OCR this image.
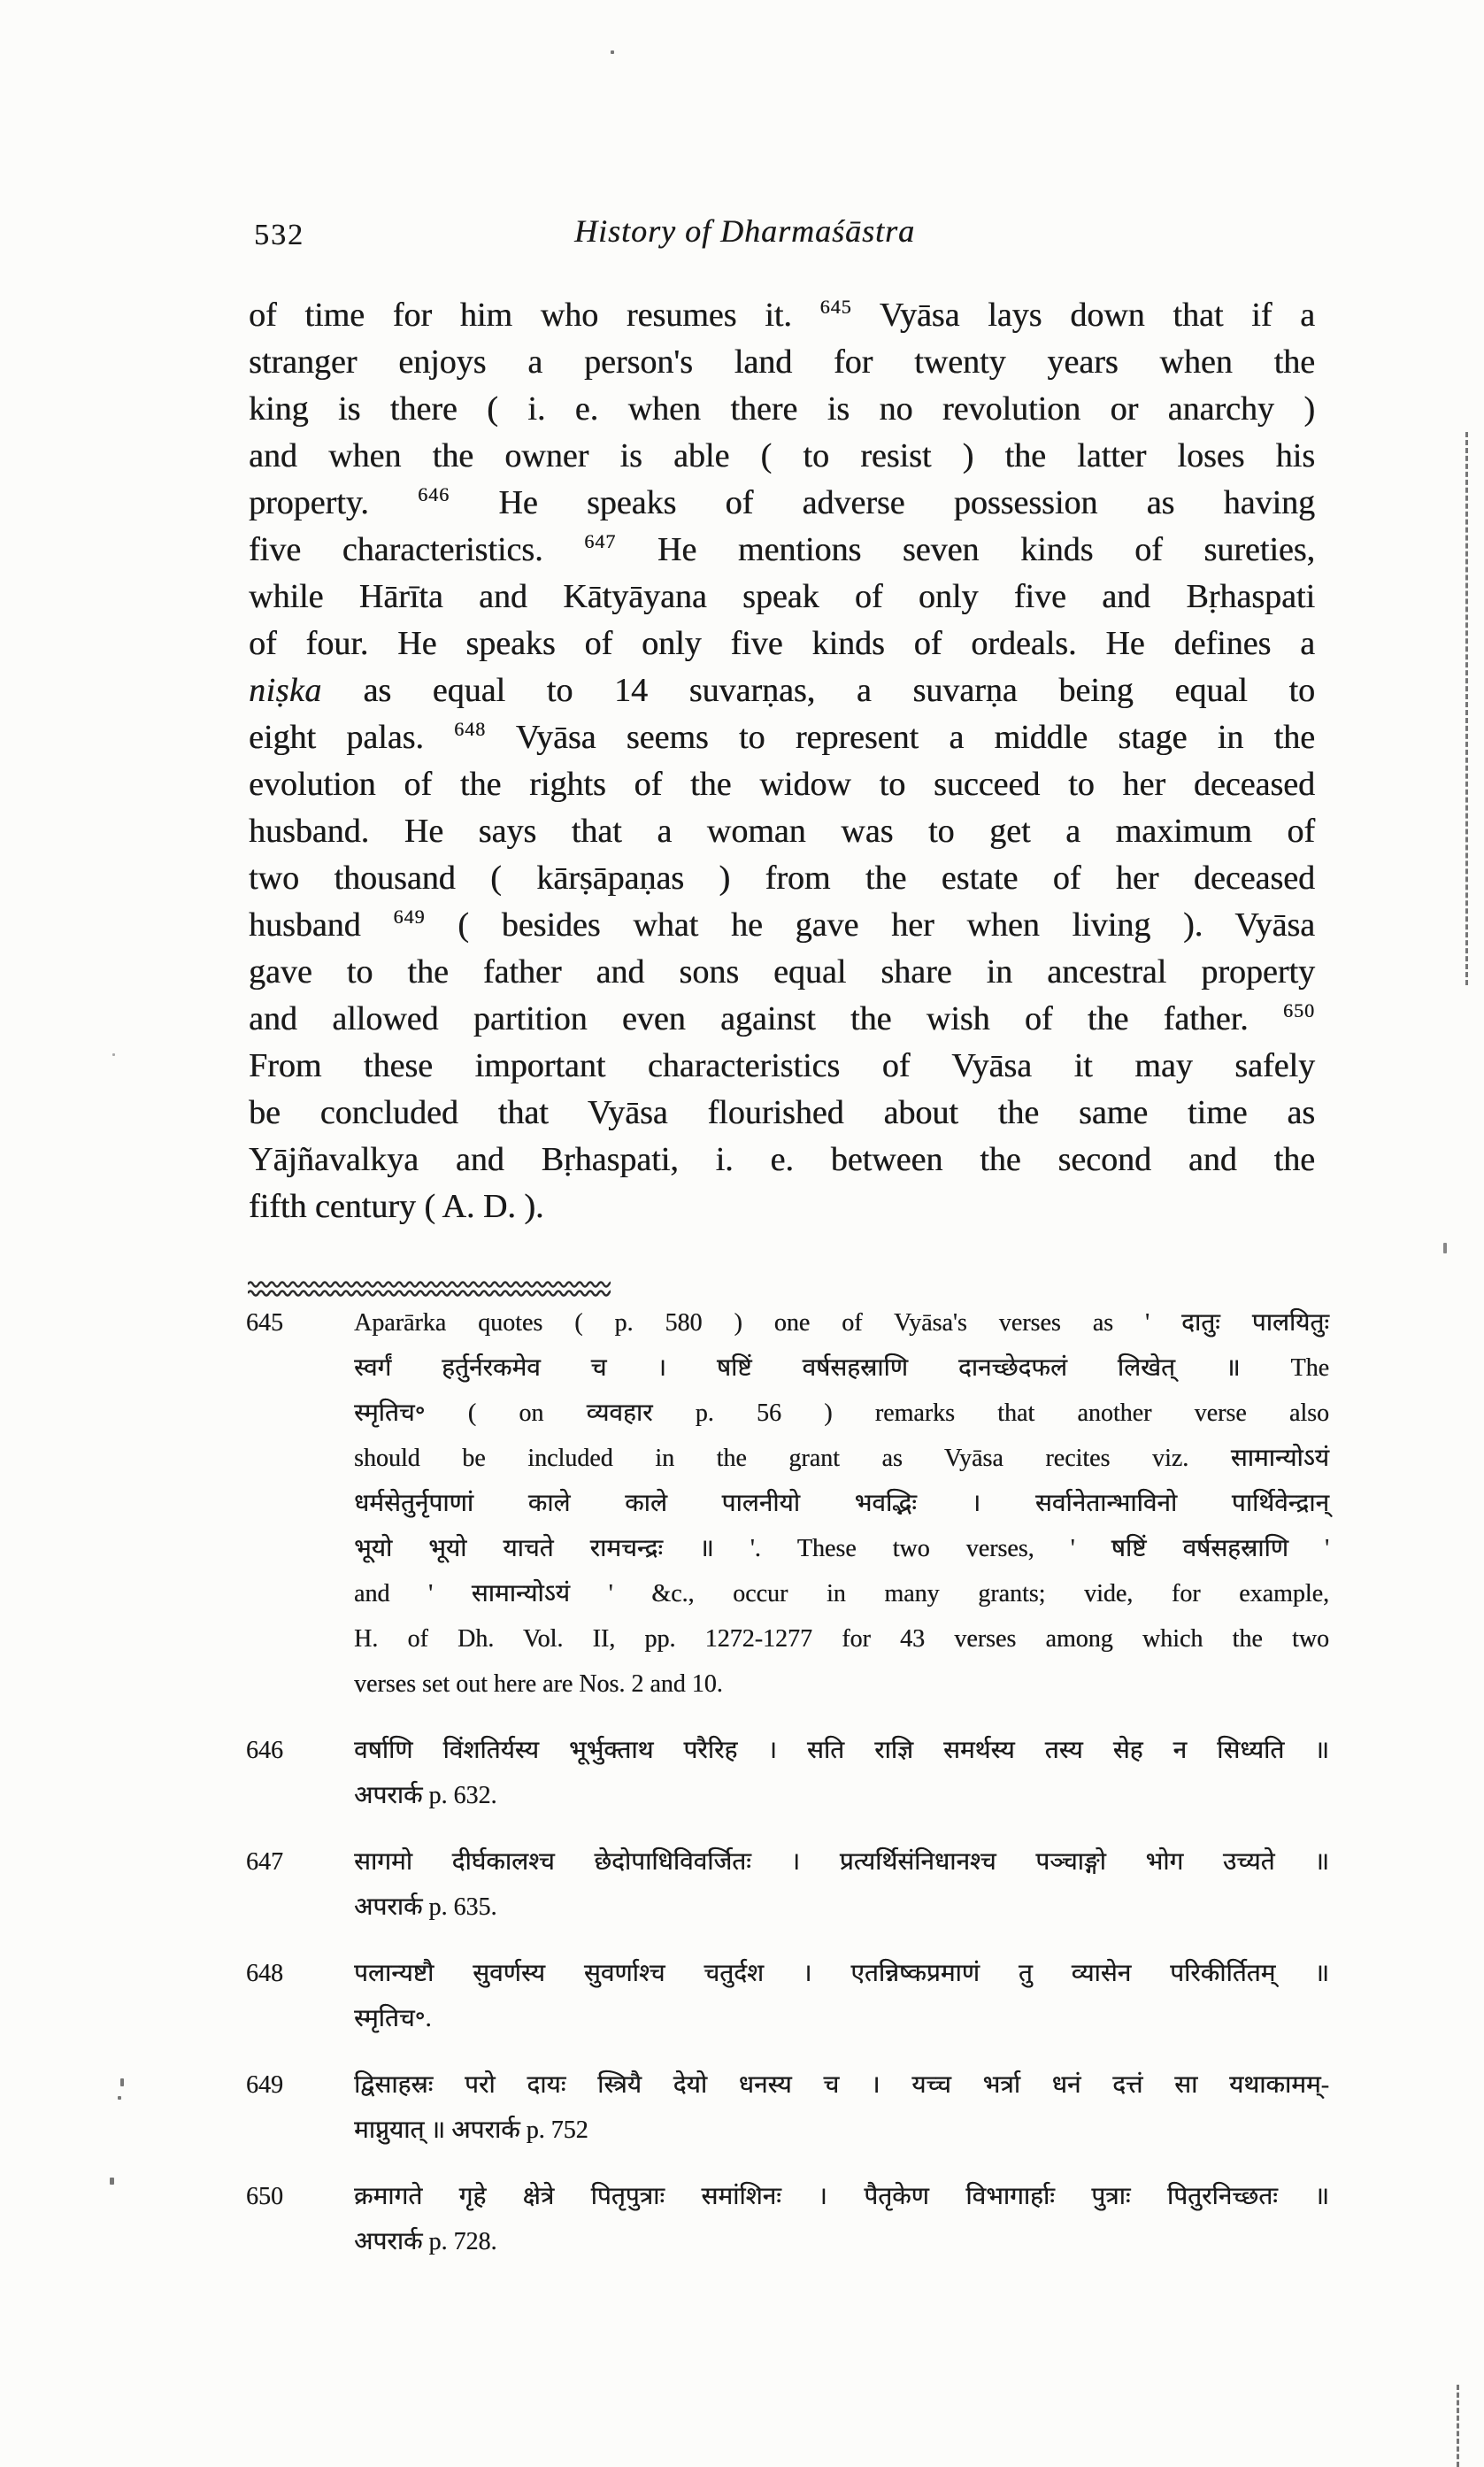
532	History of Dharmaśāstra
of time for him who resumes it. $^{645}$ Vyāsa lays down that if a
stranger enjoys a person's land for twenty years when the
king is there ( i. e. when there is no revolution or anarchy )
and when the owner is able ( to resist ) the latter loses his
property.	$^{646}$ He speaks of adverse possession as having
five characteristics. $^{647}$ He mentions seven kinds of sureties,
while Hārīta and Kātyāyana speak of only five and Bṛhaspati
of four. He speaks of only five kinds of ordeals. He defines a
niṣka as equal to 14 suvarṇas, a suvarṇa being equal to
eight palas. $^{648}$ Vyāsa seems to represent a middle stage in the
evolution of the rights of the widow to succeed to her deceased
husband. He says that a woman was to get a maximum of
two thousand ( kārṣāpaṇas ) from the estate of her deceased
husband $^{649}$ ( besides what he gave her when living ). Vyāsa
gave to the father and sons equal share in ancestral property
and allowed partition even against the wish of the father. $^{650}$
From these important characteristics of Vyāsa it may safely
be concluded that Vyāsa flourished about the same time as
Yājñavalkya and Bṛhaspati, i. e. between the second and the
fifth century ( A. D. ).
645	Aparārka quotes ( p. 580 ) one of Vyāsa's verses as ' दातुः पालयितुः
स्वर्गं हर्तुर्नरकमेव च । षष्टिं वर्षसहस्राणि दानच्छेदफलं लिखेत् ॥ The
स्मृतिच॰ ( on व्यवहार p. 56 ) remarks that another verse also
should be included in the grant as Vyāsa recites viz. सामान्योऽयं
धर्मसेतुर्नृपाणां काले काले पालनीयो भवद्भिः । सर्वानेतान्भाविनो पार्थिवेन्द्रान्
भूयो भूयो याचते रामचन्द्रः ॥ '. These two verses, ' षष्टिं वर्षसहस्राणि '
and ' सामान्योऽयं ' &c., occur in many grants; vide, for example,
H. of Dh. Vol. II, pp. 1272-1277 for 43 verses among which the two
verses set out here are Nos. 2 and 10.
646	वर्षाणि विंशतिर्यस्य भूर्भुक्ताथ परैरिह । सति राज्ञि समर्थस्य तस्य सेह न सिध्यति ॥
अपरार्क p. 632.
647	सागमो दीर्घकालश्च छेदोपाधिविवर्जितः । प्रत्यर्थिसंनिधानश्च पञ्चाङ्गो भोग उच्यते ॥
अपरार्क p. 635.
648	पलान्यष्टौ सुवर्णस्य सुवर्णाश्च चतुर्दश । एतन्निष्कप्रमाणं तु व्यासेन परिकीर्तितम् ॥
स्मृतिच॰.
649	द्विसाहस्रः परो दायः स्त्रियै देयो धनस्य च । यच्च भर्त्रा धनं दत्तं सा यथाकामम्-
माप्नुयात् ॥ अपरार्क p. 752
650	क्रमागते गृहे क्षेत्रे पितृपुत्राः समांशिनः । पैतृकेण विभागार्हाः पुत्राः पितुरनिच्छतः ॥
अपरार्क p. 728.
